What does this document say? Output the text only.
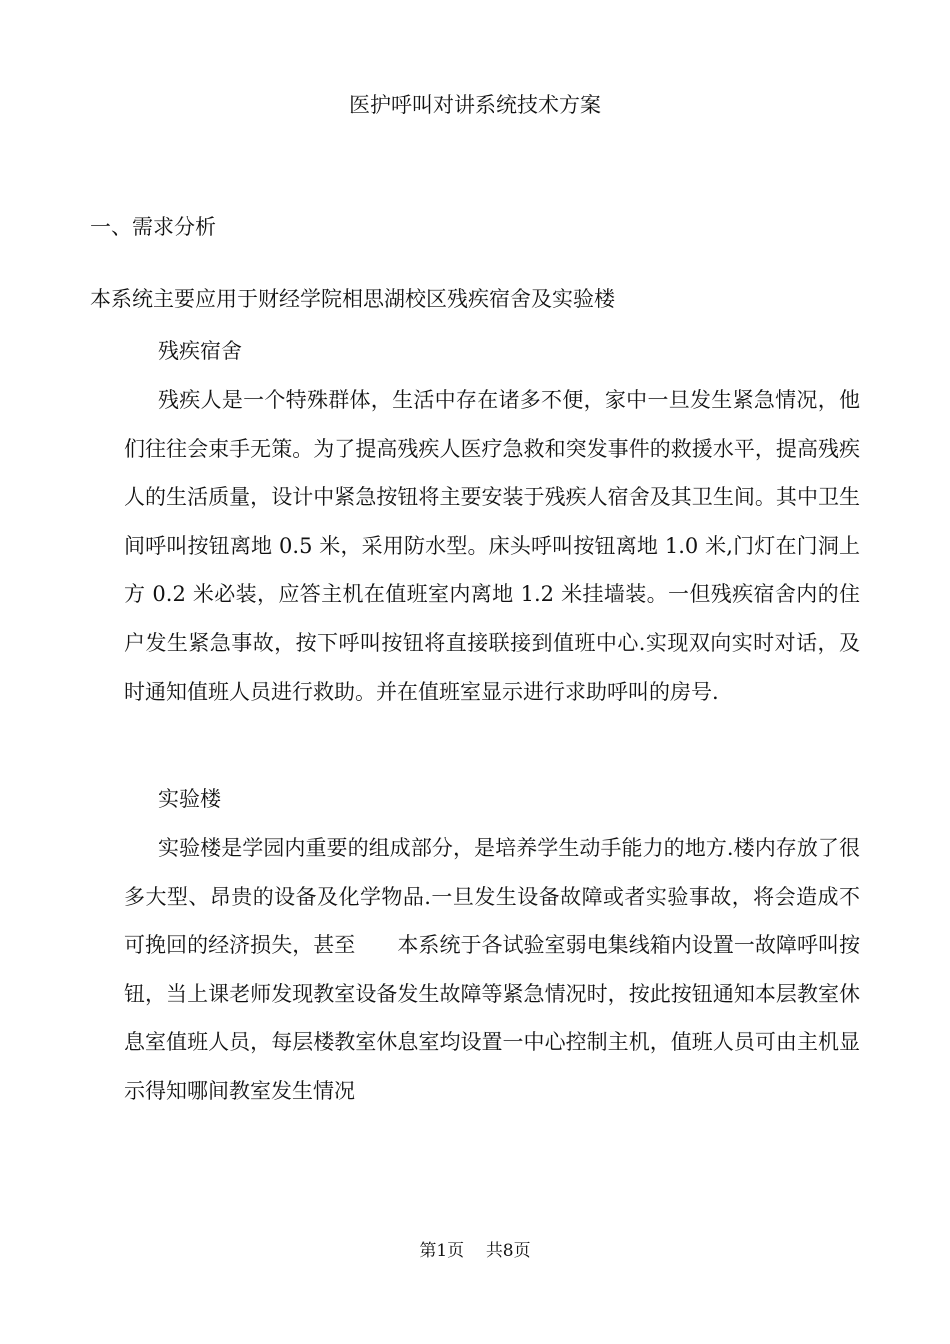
医护呼叫对讲系统技术方案
一、需求分析
本系统主要应用于财经学院相思湖校区残疾宿舍及实验楼
残疾宿舍

残疾人是一个特殊群体，生活中存在诸多不便，家中一旦发生紧急情况，他们往往会束手无策。为了提高残疾人医疗急救和突发事件的救援水平，提高残疾人的生活质量，设计中紧急按钮将主要安装于残疾人宿舍及其卫生间。其中卫生间呼叫按钮离地 0.5 米，采用防水型。床头呼叫按钮离地 1.0 米,门灯在门洞上方 0.2 米必装，应答主机在值班室内离地 1.2 米挂墙装。一但残疾宿舍内的住户发生紧急事故，按下呼叫按钮将直接联接到值班中心.实现双向实时对话，及时通知值班人员进行救助。并在值班室显示进行求助呼叫的房号.

实验楼

实验楼是学园内重要的组成部分，是培养学生动手能力的地方.楼内存放了很多大型、昂贵的设备及化学物品.一旦发生设备故障或者实验事故，将会造成不可挽回的经济损失，甚至　　本系统于各试验室弱电集线箱内设置一故障呼叫按钮，当上课老师发现教室设备发生故障等紧急情况时，按此按钮通知本层教室休息室值班人员，每层楼教室休息室均设置一中心控制主机，值班人员可由主机显示得知哪间教室发生情况

第1页 共8页
